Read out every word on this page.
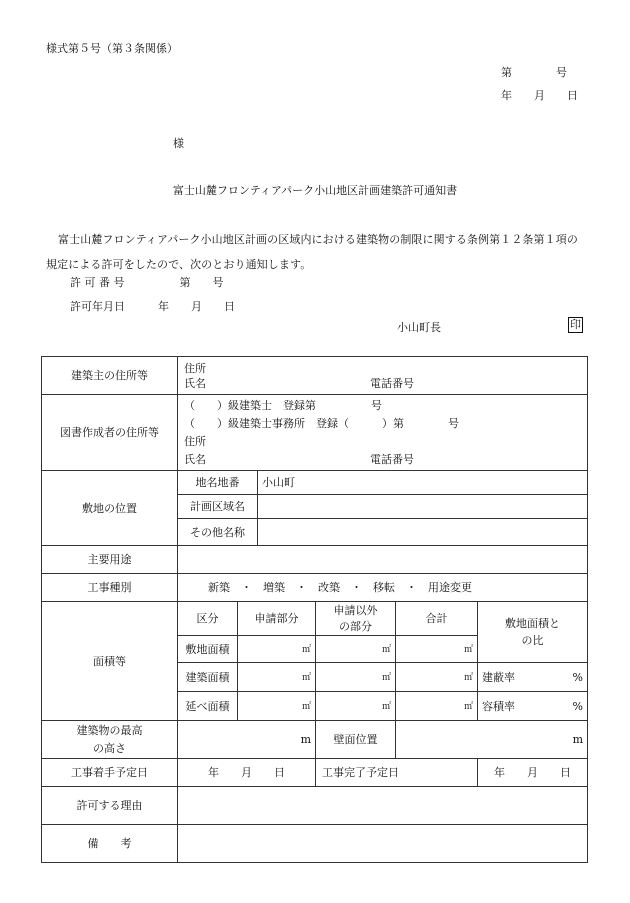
様式第５号（第３条関係）
第　　　　号
年　　月　　日
様
富士山麓フロンティアパーク小山地区計画建築許可通知書
富士山麓フロンティアパーク小山地区計画の区域内における建築物の制限に関する条例第１２条第１項の規定による許可をしたので、次のとおり通知します。
許 可 番 号　　　　　第　　号
許可年月日　　　年　　月　　日
小山町長	印
建築主の住所等	住所
氏名 電話番号					

図書作成者の住所等	（　　）級建築士　登録第　　　　　号
（　　）級建築士事務所　登録（　　　）第　　　　号
住所
氏名 電話番号					

敷地の位置	地名地番		小山町			
	計画区域名					
	その他名称					
主要用途						
工事種別	新築　・　増築　・　改築　・　移転　・　用途変更					
面積等	区分	申請部分		申請以外の部分	合計	敷地面積との比
	敷地面積	㎡		㎡	㎡	
	建築面積	㎡		㎡	㎡	建蔽率 %

	延べ面積	㎡		㎡	㎡	容積率 %

建築物の最高の高さ	m			壁面位置	m	
工事着手予定日	年　　月　　日			工事完了予定日		年　　月　　日
許可する理由						
備　　考						
